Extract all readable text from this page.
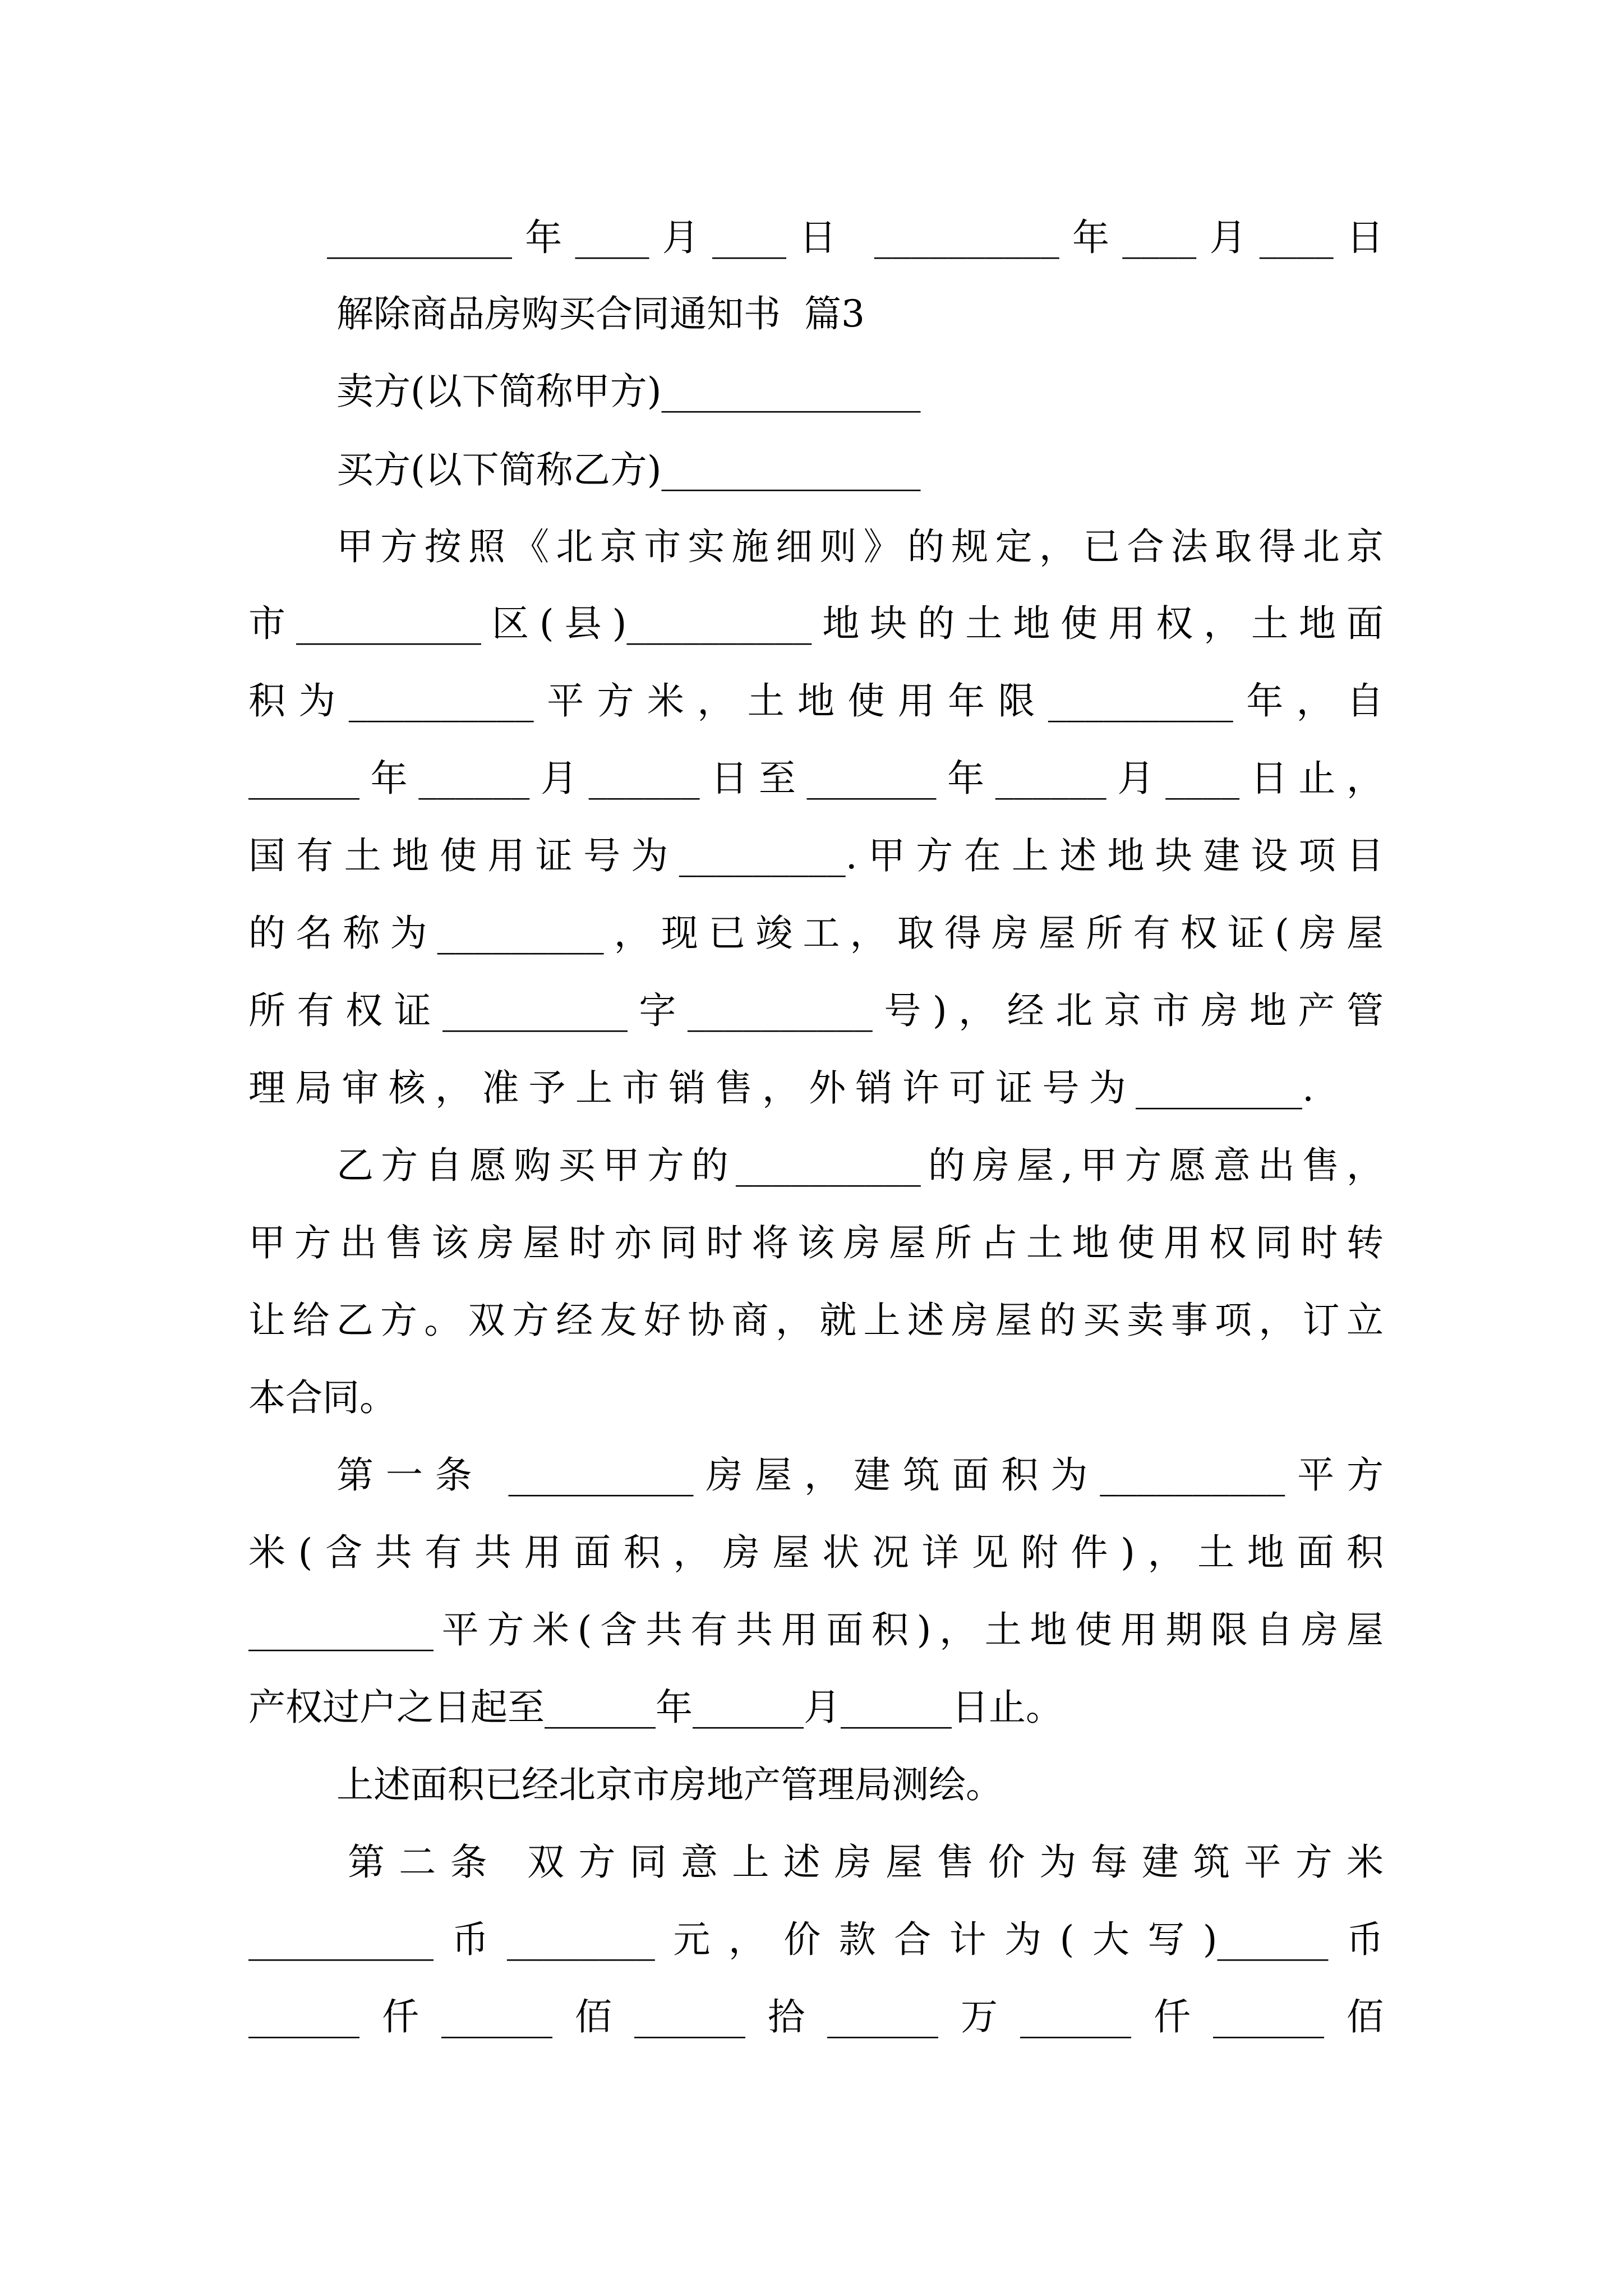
__________年____月____日 __________年____月____日
解除商品房购买合同通知书  篇3
卖方(以下简称甲方)______________
买方(以下简称乙方)______________
甲方按照《北京市实施细则》的规定，已合法取得北京
市__________区(县)__________地块的土地使用权，土地面
积为__________平方米，土地使用年限__________年，自
______年______月______日至_______年______月____日止，
国有土地使用证号为_________.甲方在上述地块建设项目
的名称为_________，现已竣工，取得房屋所有权证(房屋
所有权证__________字__________号)，经北京市房地产管
理局审核，准予上市销售，外销许可证号为_________.
乙方自愿购买甲方的__________的房屋,甲方愿意出售，
甲方出售该房屋时亦同时将该房屋所占土地使用权同时转
让给乙方。双方经友好协商，就上述房屋的买卖事项，订立
本合同。
第一条 __________房屋，建筑面积为__________平方
米(含共有共用面积，房屋状况详见附件)，土地面积
__________平方米(含共有共用面积)，土地使用期限自房屋
产权过户之日起至______年______月______日止。
上述面积已经北京市房地产管理局测绘。
第二条 双方同意上述房屋售价为每建筑平方米
__________币________元，价款合计为(大写)______币
______仟______佰______拾______万______仟______佰
